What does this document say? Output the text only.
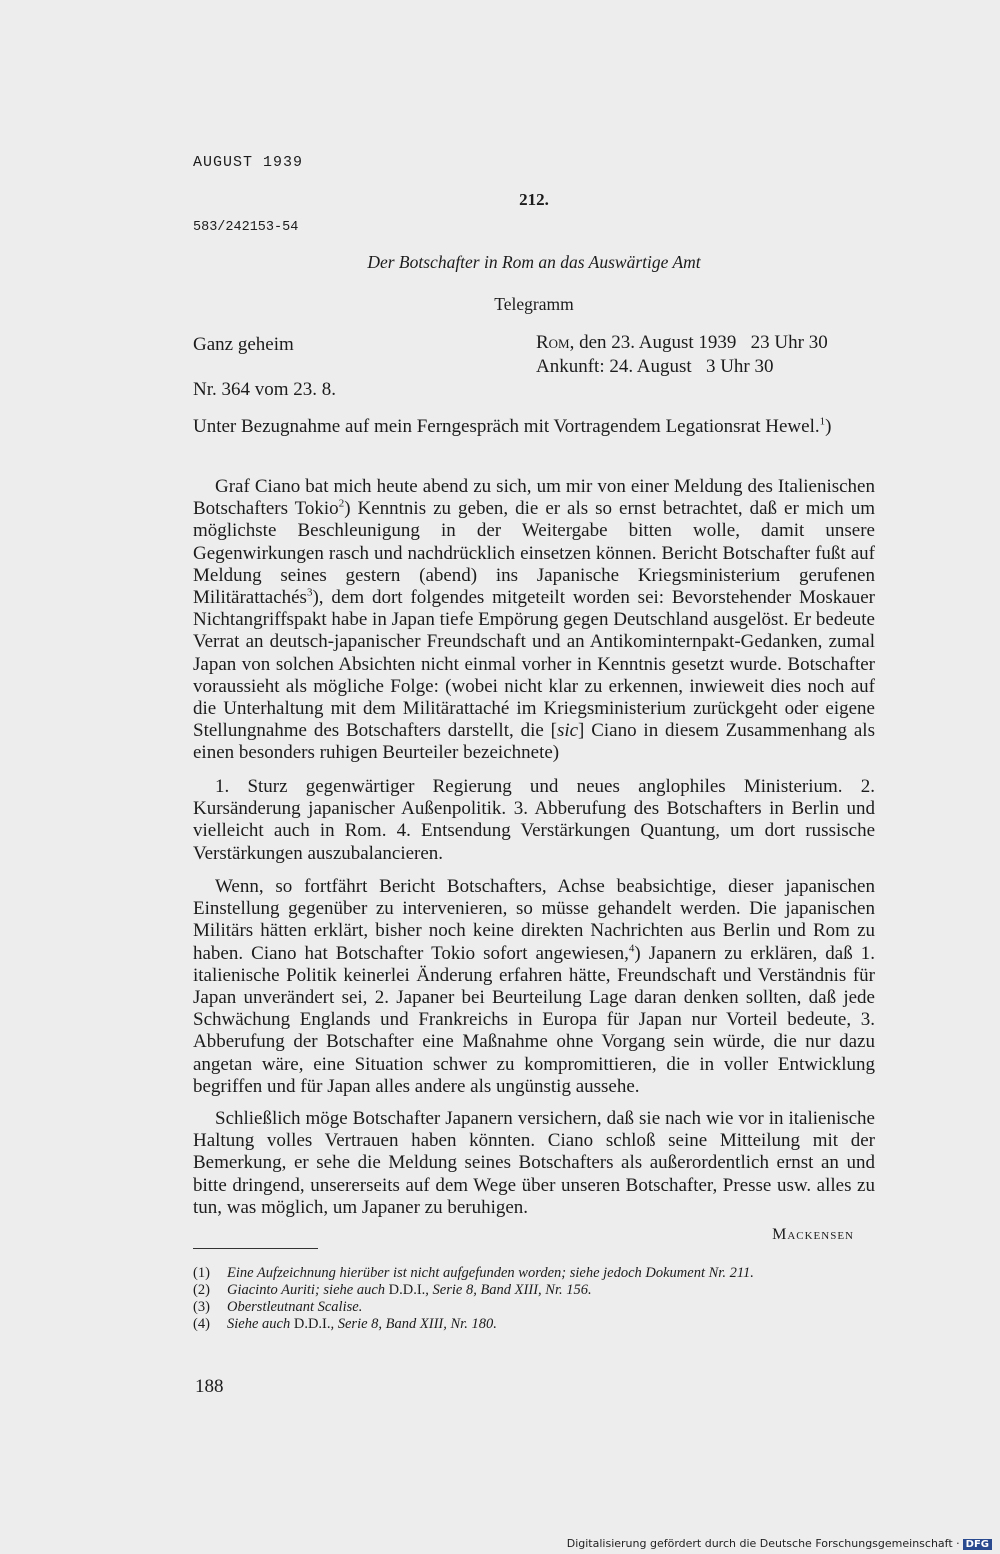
AUGUST 1939
212.
583/242153-54
Der Botschafter in Rom an das Auswärtige Amt
Telegramm
Ganz geheim	Rom, den 23. August 1939   23 Uhr 30
Ankunft: 24. August   3 Uhr 30
Nr. 364 vom 23. 8.

Unter Bezugnahme auf mein Ferngespräch mit Vortragendem Legationsrat Hewel.$^1$)

Graf Ciano bat mich heute abend zu sich, um mir von einer Meldung des Italienischen Botschafters Tokio$^2$) Kenntnis zu geben, die er als so ernst betrachtet, daß er mich um möglichste Beschleunigung in der Weitergabe bitten wolle, damit unsere Gegenwirkungen rasch und nachdrücklich einsetzen können. Bericht Botschafter fußt auf Meldung seines gestern (abend) ins Japanische Kriegsministerium gerufenen Militärattachés$^3$), dem dort folgendes mitgeteilt worden sei: Bevorstehender Moskauer Nichtangriffspakt habe in Japan tiefe Empörung gegen Deutschland ausgelöst. Er bedeute Verrat an deutsch-japanischer Freundschaft und an Antikominternpakt-Gedanken, zumal Japan von solchen Absichten nicht einmal vorher in Kenntnis gesetzt wurde. Botschafter voraussieht als mögliche Folge: (wobei nicht klar zu erkennen, inwieweit dies noch auf die Unterhaltung mit dem Militärattaché im Kriegsministerium zurückgeht oder eigene Stellungnahme des Botschafters darstellt, die [sic] Ciano in diesem Zusammenhang als einen besonders ruhigen Beurteiler bezeichnete)

1. Sturz gegenwärtiger Regierung und neues anglophiles Ministerium. 2. Kursänderung japanischer Außenpolitik. 3. Abberufung des Botschafters in Berlin und vielleicht auch in Rom. 4. Entsendung Verstärkungen Quantung, um dort russische Verstärkungen auszubalancieren.

Wenn, so fortfährt Bericht Botschafters, Achse beabsichtige, dieser japanischen Einstellung gegenüber zu intervenieren, so müsse gehandelt werden. Die japanischen Militärs hätten erklärt, bisher noch keine direkten Nachrichten aus Berlin und Rom zu haben. Ciano hat Botschafter Tokio sofort angewiesen,$^4$) Japanern zu erklären, daß 1. italienische Politik keinerlei Änderung erfahren hätte, Freundschaft und Verständnis für Japan unverändert sei, 2. Japaner bei Beurteilung Lage daran denken sollten, daß jede Schwächung Englands und Frankreichs in Europa für Japan nur Vorteil bedeute, 3. Abberufung der Botschafter eine Maßnahme ohne Vorgang sein würde, die nur dazu angetan wäre, eine Situation schwer zu kompromittieren, die in voller Entwicklung begriffen und für Japan alles andere als ungünstig aussehe.

Schließlich möge Botschafter Japanern versichern, daß sie nach wie vor in italienische Haltung volles Vertrauen haben könnten. Ciano schloß seine Mitteilung mit der Bemerkung, er sehe die Meldung seines Botschafters als außerordentlich ernst an und bitte dringend, unsererseits auf dem Wege über unseren Botschafter, Presse usw. alles zu tun, was möglich, um Japaner zu beruhigen.

Mackensen
(1) Eine Aufzeichnung hierüber ist nicht aufgefunden worden; siehe jedoch Dokument Nr. 211.
(2) Giacinto Auriti; siehe auch D.D.I., Serie 8, Band XIII, Nr. 156.
(3) Oberstleutnant Scalise.
(4) Siehe auch D.D.I., Serie 8, Band XIII, Nr. 180.
188
Digitalisierung gefördert durch die Deutsche Forschungsgemeinschaft · DFG
